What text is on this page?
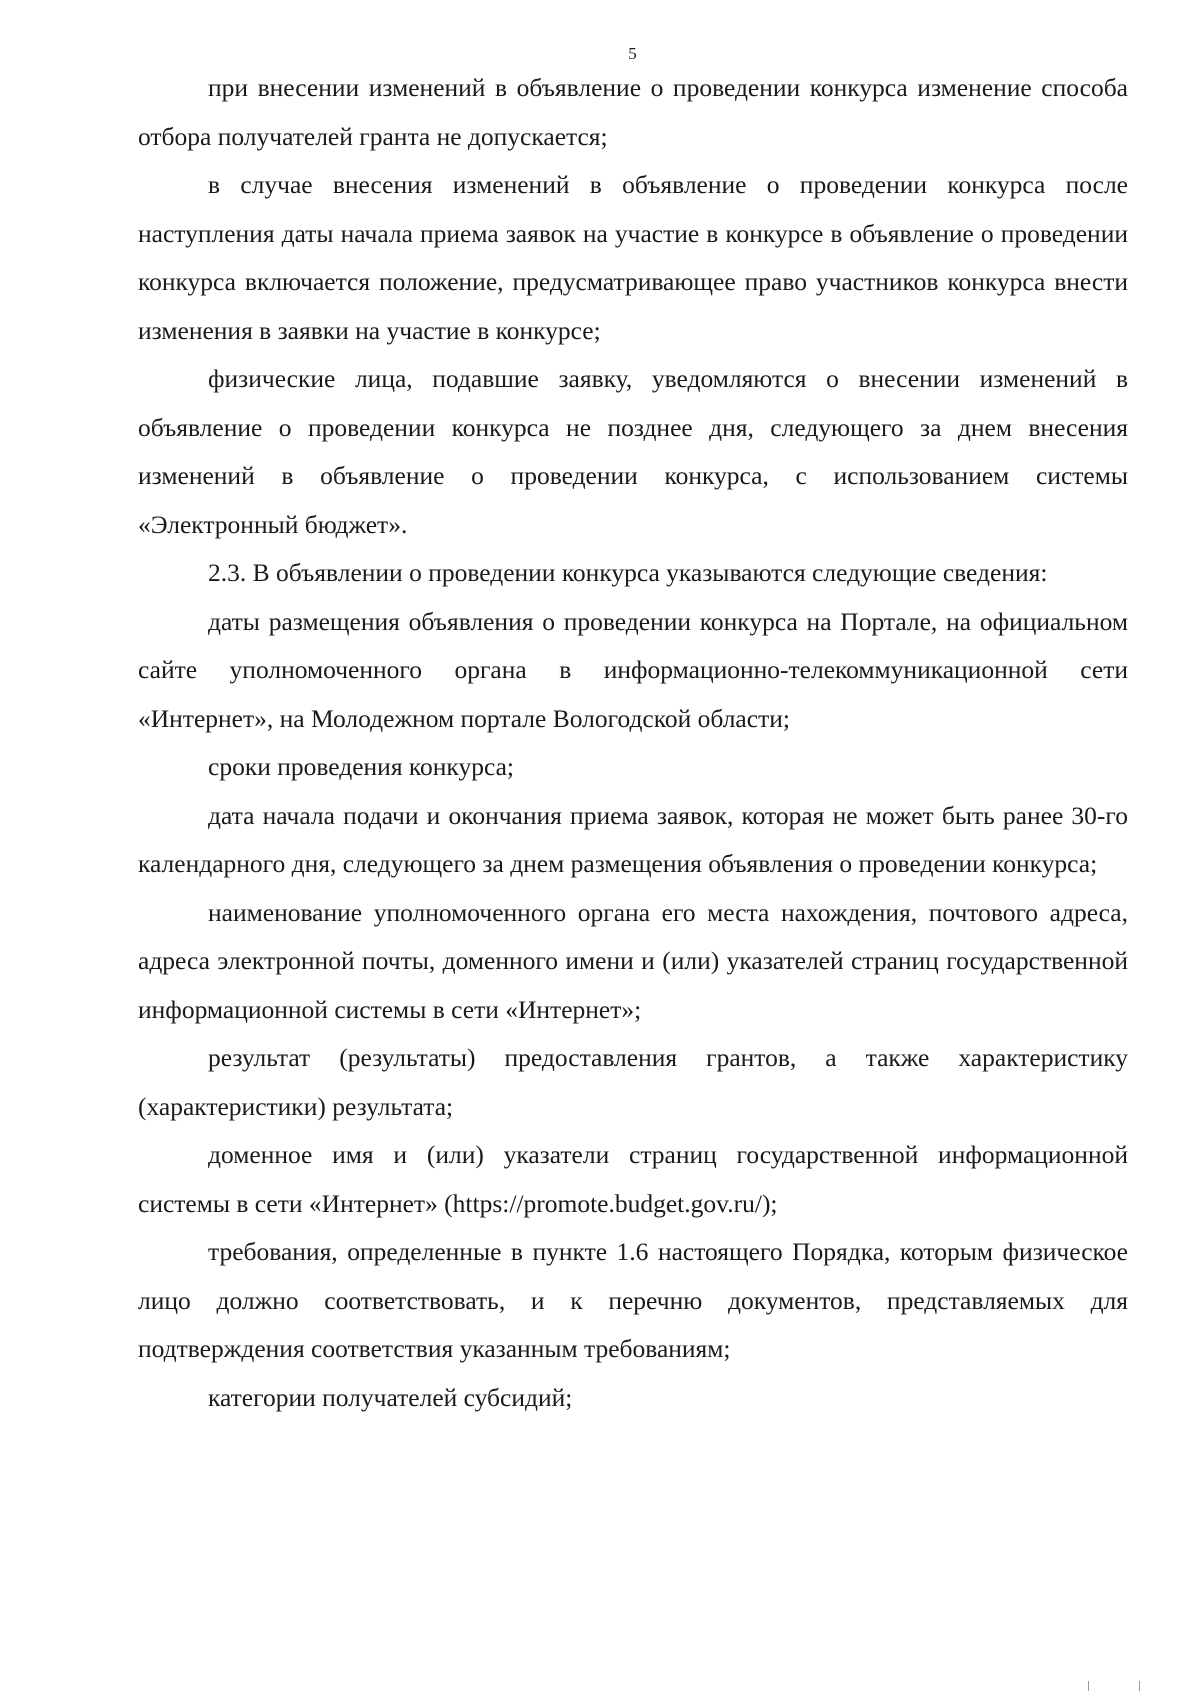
5

при внесении изменений в объявление о проведении конкурса изменение способа отбора получателей гранта не допускается;

в случае внесения изменений в объявление о проведении конкурса после наступления даты начала приема заявок на участие в конкурсе в объявление о проведении конкурса включается положение, предусматривающее право участников конкурса внести изменения в заявки на участие в конкурсе;

физические лица, подавшие заявку, уведомляются о внесении изменений в объявление о проведении конкурса не позднее дня, следующего за днем внесения изменений в объявление о проведении конкурса, с использованием системы «Электронный бюджет».

2.3. В объявлении о проведении конкурса указываются следующие сведения:

даты размещения объявления о проведении конкурса на Портале, на официальном сайте уполномоченного органа в информационно-телекоммуникационной сети «Интернет», на Молодежном портале Вологодской области;

сроки проведения конкурса;

дата начала подачи и окончания приема заявок, которая не может быть ранее 30-го календарного дня, следующего за днем размещения объявления о проведении конкурса;

наименование уполномоченного органа его места нахождения, почтового адреса, адреса электронной почты, доменного имени и (или) указателей страниц государственной информационной системы в сети «Интернет»;

результат (результаты) предоставления грантов, а также характеристику (характеристики) результата;

доменное имя и (или) указатели страниц государственной информационной системы в сети «Интернет» (https://promote.budget.gov.ru/);

требования, определенные в пункте 1.6 настоящего Порядка, которым физическое лицо должно соответствовать, и к перечню документов, представляемых для подтверждения соответствия указанным требованиям;

категории получателей субсидий;
